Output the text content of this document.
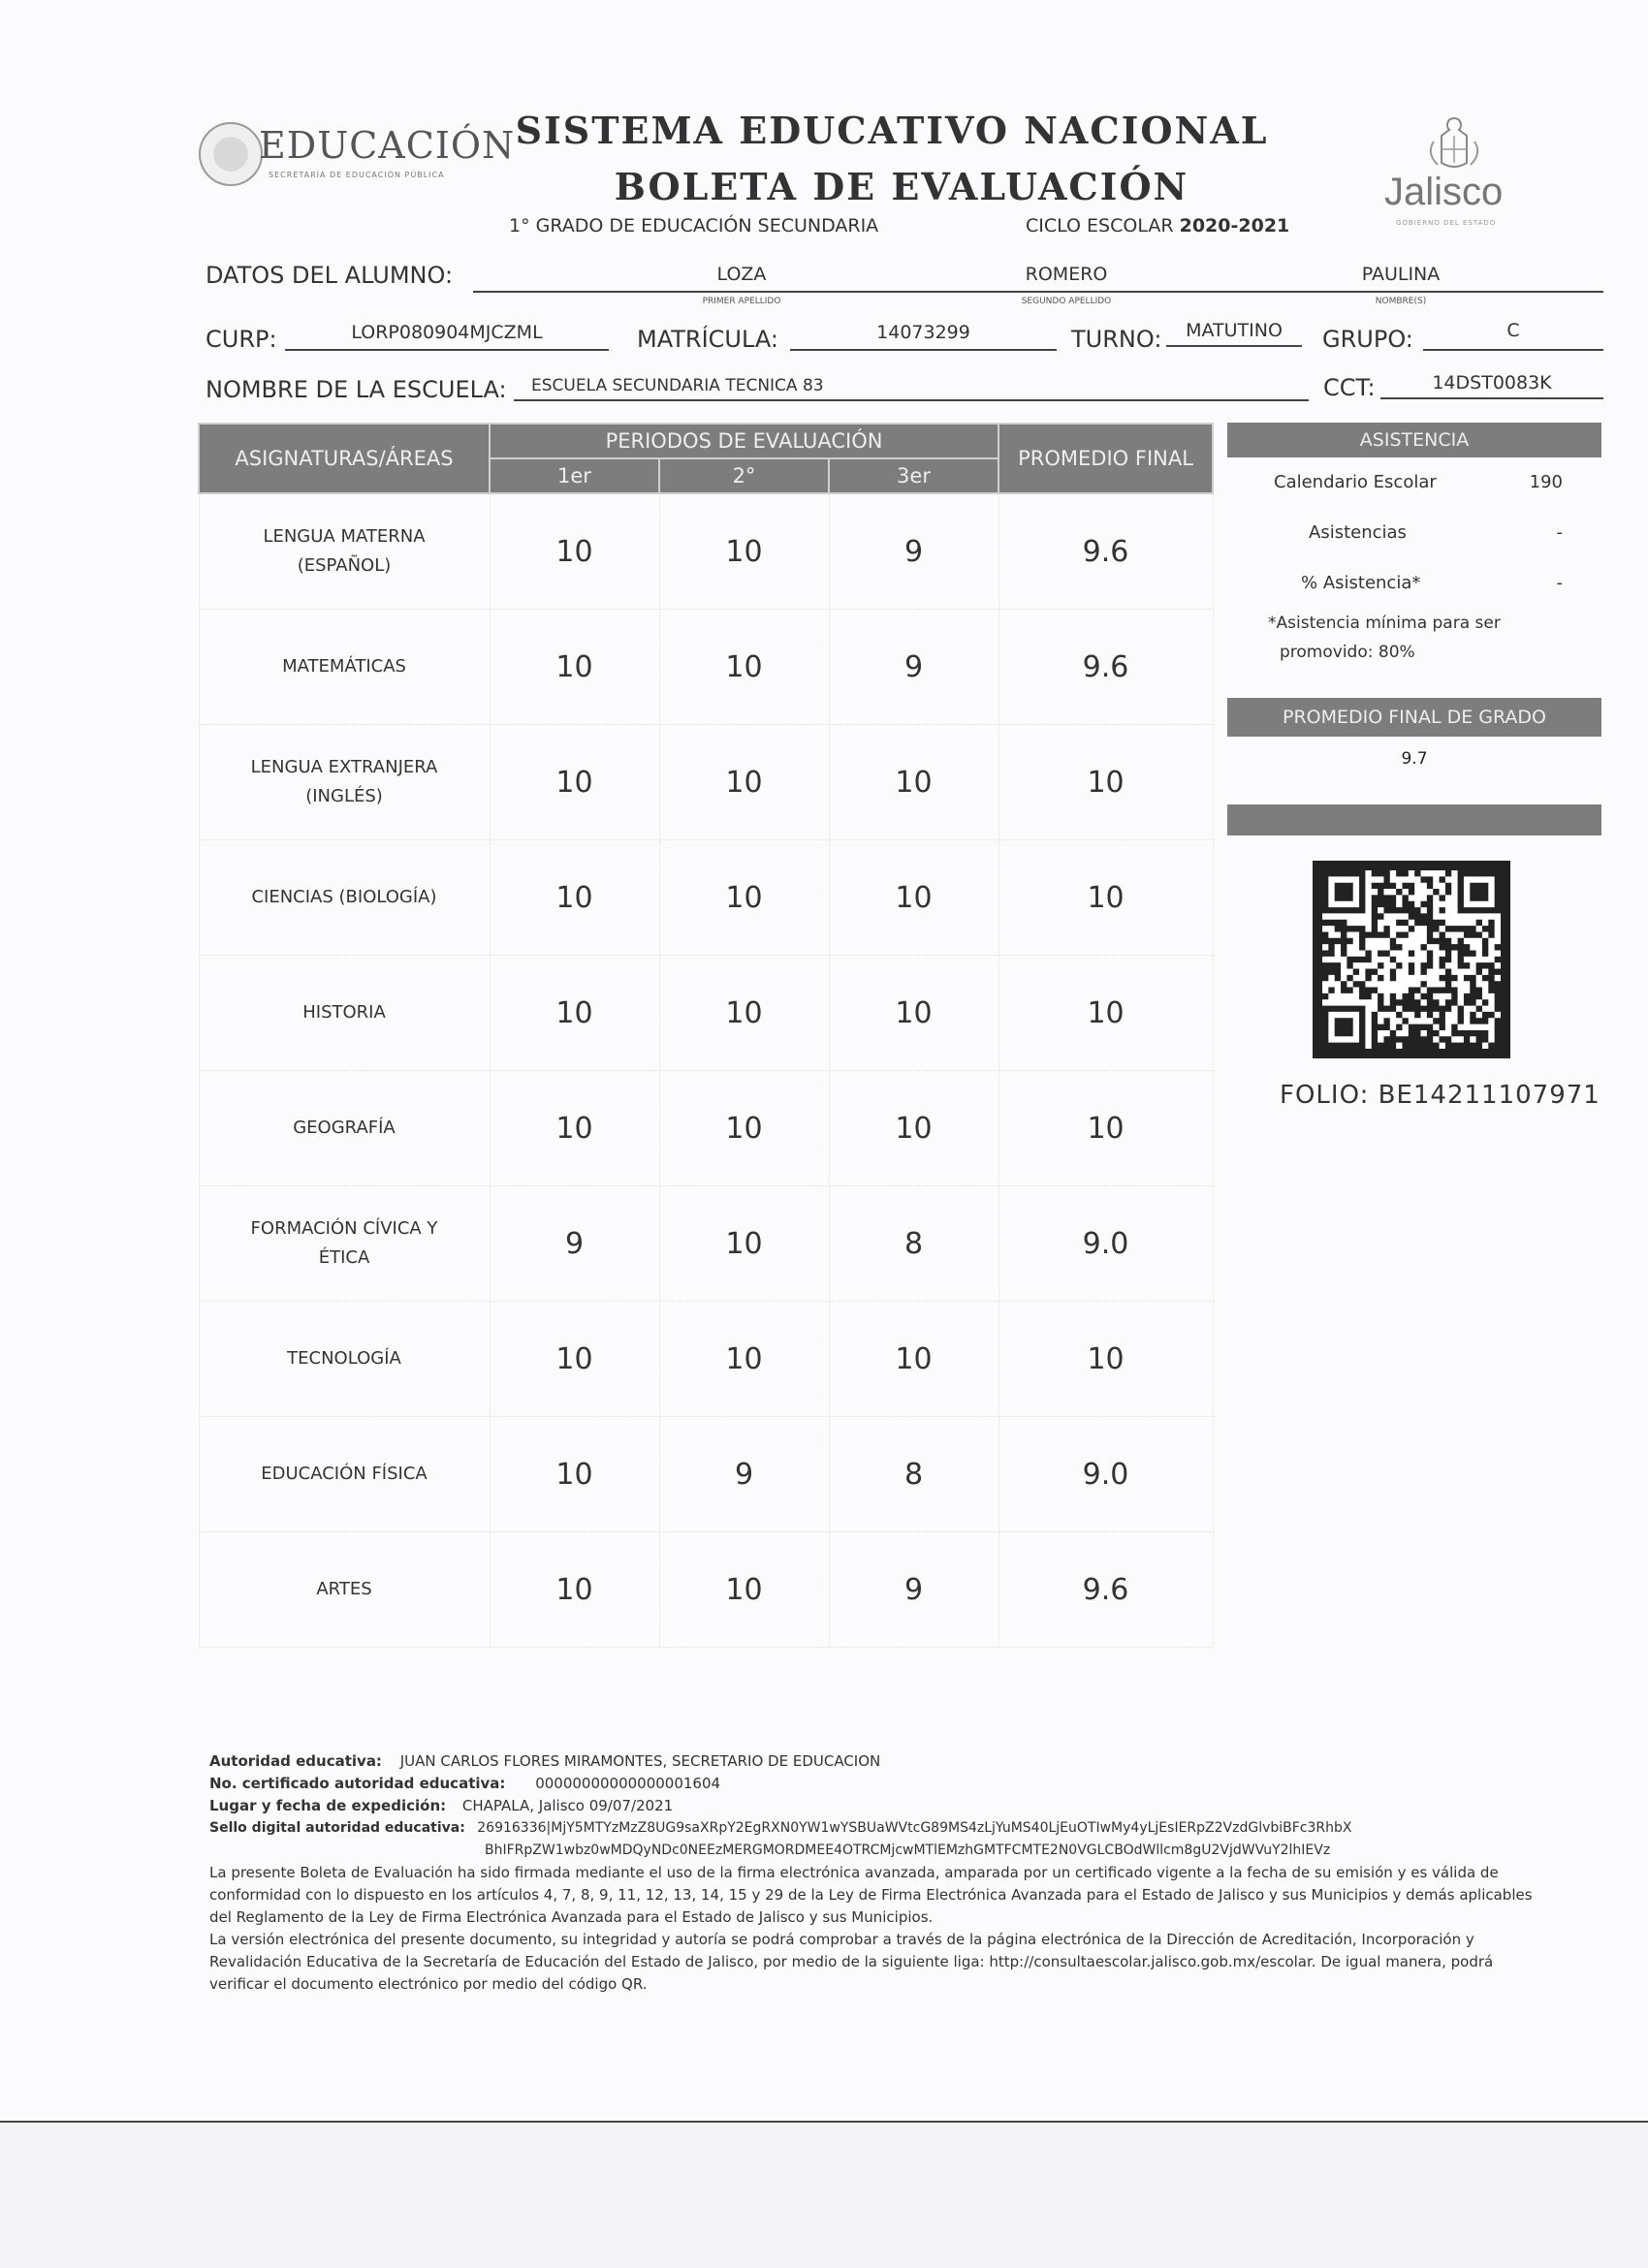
EDUCACIÓN
SECRETARÍA DE EDUCACIÓN PÚBLICA
SISTEMA EDUCATIVO NACIONAL
BOLETA DE EVALUACIÓN
1° GRADO DE EDUCACIÓN SECUNDARIA	CICLO ESCOLAR 2020-2021
Jalisco
GOBIERNO DEL ESTADO
DATOS DEL ALUMNO:	LOZA	ROMERO	PAULINA
PRIMER APELLIDO	SEGUNDO APELLIDO	NOMBRE(S)
CURP:	LORP080904MJCZML	MATRÍCULA:	14073299	TURNO:	MATUTINO	GRUPO:	C
NOMBRE DE LA ESCUELA: ESCUELA SECUNDARIA TECNICA 83	CCT:	14DST0083K
ASIGNATURAS/ÁREAS	PERIODOS DE EVALUACIÓN			PROMEDIO FINAL
	1er	2°	3er	

LENGUA MATERNA (ESPAÑOL)	10	10	9	9.6
MATEMÁTICAS	10	10	9	9.6

LENGUA EXTRANJERA (INGLÉS)	10	10	10	10
CIENCIAS (BIOLOGÍA)	10	10	10	10
HISTORIA	10	10	10	10
GEOGRAFÍA	10	10	10	10

FORMACIÓN CÍVICA Y ÉTICA	9	10	8	9.0
TECNOLOGÍA	10	10	10	10
EDUCACIÓN FÍSICA	10	9	8	9.0
ARTES	10	10	9	9.6
ASISTENCIA
Calendario Escolar	190
Asistencias	-
% Asistencia*	-
*Asistencia mínima para ser
promovido: 80%
PROMEDIO FINAL DE GRADO
9.7
FOLIO: BE14211107971
Autoridad educativa: JUAN CARLOS FLORES MIRAMONTES, SECRETARIO DE EDUCACION
No. certificado autoridad educativa: 00000000000000001604
Lugar y fecha de expedición: CHAPALA, Jalisco 09/07/2021
Sello digital autoridad educativa: 26916336|MjY5MTYzMzZ8UG9saXRpY2EgRXN0YW1wYSBUaWVtcG89MS4zLjYuMS40LjEuOTIwMy4yLjEsIERpZ2VzdGlvbiBFc3RhbX
BhIFRpZW1wbz0wMDQyNDc0NEEzMERGMORDMEE4OTRCMjcwMTlEMzhGMTFCMTE2N0VGLCBOdWllcm8gU2VjdWVuY2lhIEVz
La presente Boleta de Evaluación ha sido firmada mediante el uso de la firma electrónica avanzada, amparada por un certificado vigente a la fecha de su emisión y es válida de
conformidad con lo dispuesto en los artículos 4, 7, 8, 9, 11, 12, 13, 14, 15 y 29 de la Ley de Firma Electrónica Avanzada para el Estado de Jalisco y sus Municipios y demás aplicables
del Reglamento de la Ley de Firma Electrónica Avanzada para el Estado de Jalisco y sus Municipios.
La versión electrónica del presente documento, su integridad y autoría se podrá comprobar a través de la página electrónica de la Dirección de Acreditación, Incorporación y
Revalidación Educativa de la Secretaría de Educación del Estado de Jalisco, por medio de la siguiente liga: http://consultaescolar.jalisco.gob.mx/escolar. De igual manera, podrá
verificar el documento electrónico por medio del código QR.
